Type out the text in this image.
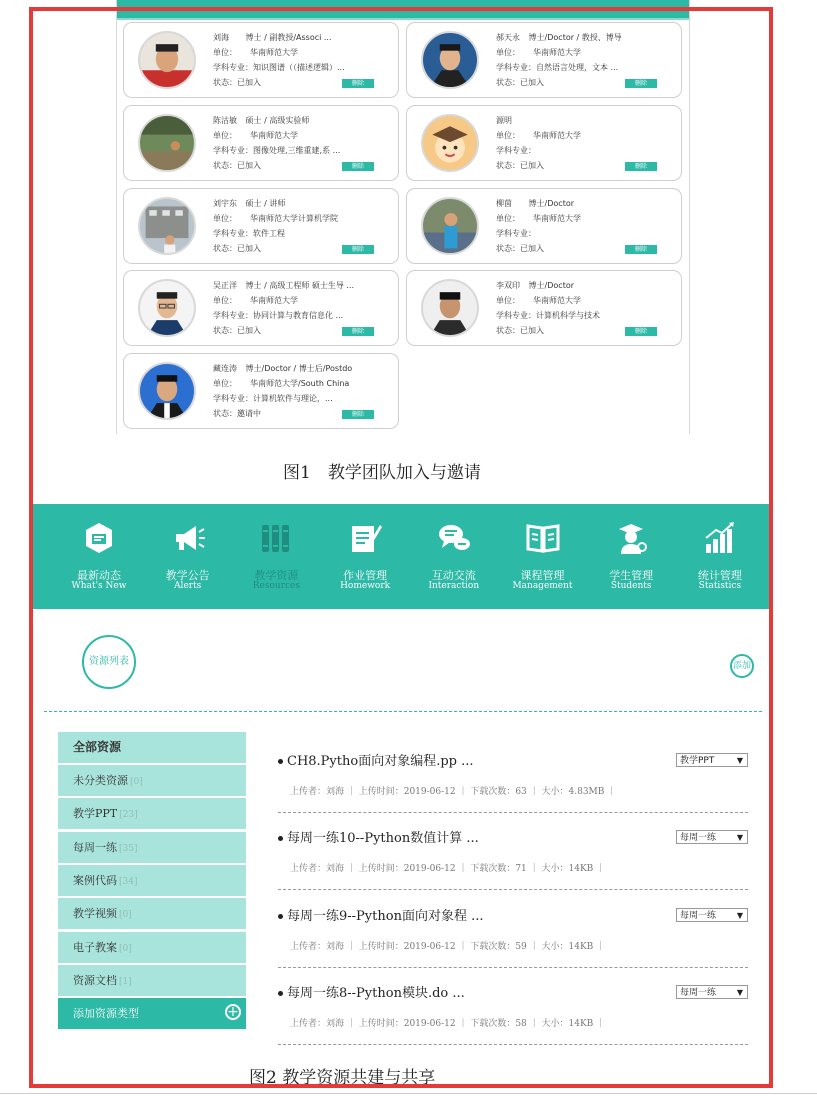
刘海 博士 / 副教授/Associ ...
单位： 华南师范大学
学科专业：知识图谱（（描述逻辑）...
状态：已加入	删除
郝天永 博士/Doctor / 教授、博导
单位： 华南师范大学
学科专业：自然语言处理，文本 ...
状态：已加入	删除
陈沽敏 硕士 / 高级实验师
单位： 华南师范大学
学科专业：图像处理,三维重建,系 ...
状态：已加入	删除
源明
单位： 华南师范大学
学科专业：
状态：已加入	删除
刘宇东 硕士 / 讲师
单位： 华南师范大学计算机学院
学科专业：软件工程
状态：已加入	删除
柳茵 博士/Doctor
单位： 华南师范大学
学科专业：
状态：已加入	删除
吴正洋 博士 / 高级工程师 硕士生导 ...
单位： 华南师范大学
学科专业：协同计算与教育信息化 ...
状态：已加入	删除
李双印 博士/Doctor
单位： 华南师范大学
学科专业：计算机科学与技术
状态：已加入	删除
藏连涛 博士/Doctor / 博士后/Postdo
单位： 华南师范大学/South China
学科专业：计算机软件与理论，...
状态：邀请中	删除
图1　教学团队加入与邀请
最新动态
What's New
教学公告
Alerts
教学资源
Resources
作业管理
Homework
互动交流
Interaction
课程管理
Management
学生管理
Students
统计管理
Statistics
资源列表	添加
全部资源
未分类资源 [0]
教学PPT [23]
每周一练 [35]
案例代码 [34]
教学视频 [0]
电子教案 [0]
资源文档 [1]
添加资源类型	+
CH8.Pytho面向对象编程.pp ...	教学PPT	▼
上传者：刘海 ｜ 上传时间：2019-06-12 ｜ 下载次数：63 ｜ 大小：4.83MB ｜
每周一练10--Python数值计算 ...	每周一练	▼
上传者：刘海 ｜ 上传时间：2019-06-12 ｜ 下载次数：71 ｜ 大小：14KB ｜
每周一练9--Python面向对象程 ...	每周一练	▼
上传者：刘海 ｜ 上传时间：2019-06-12 ｜ 下载次数：59 ｜ 大小：14KB ｜
每周一练8--Python模块.do ...	每周一练	▼
上传者：刘海 ｜ 上传时间：2019-06-12 ｜ 下载次数：58 ｜ 大小：14KB ｜
图2 教学资源共建与共享
